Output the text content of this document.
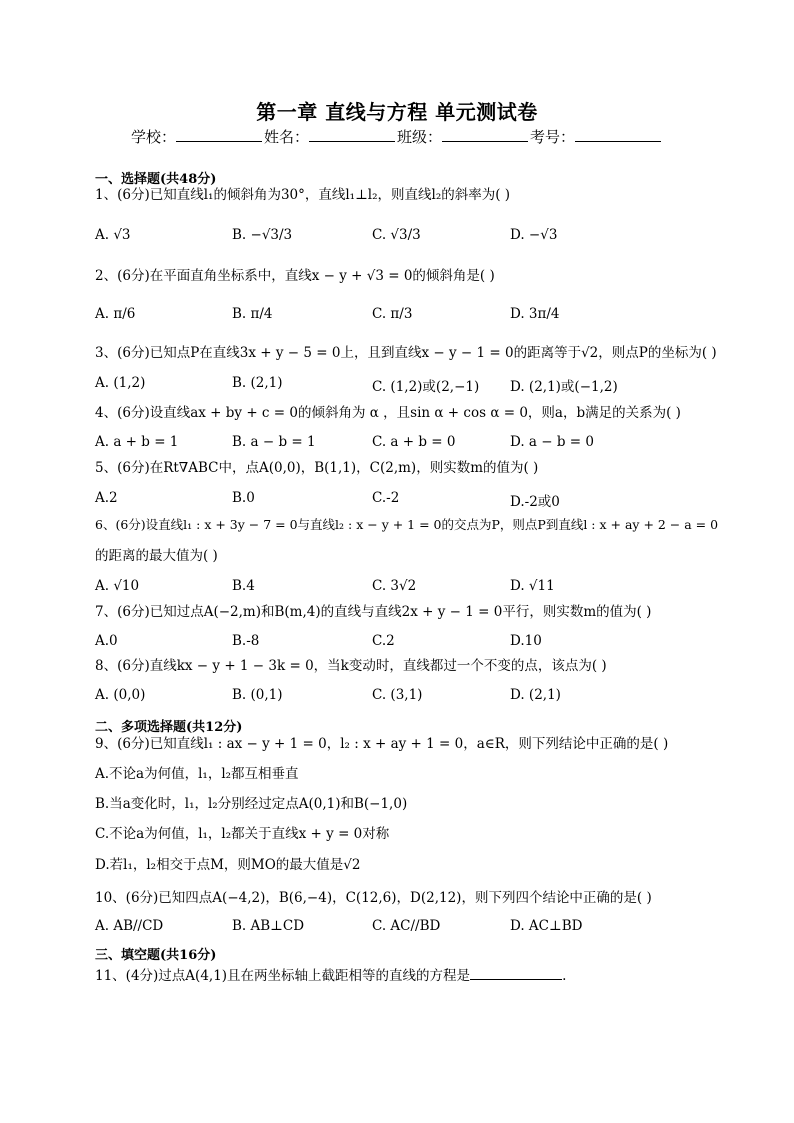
第一章 直线与方程 单元测试卷
学校：	姓名：	班级：	考号：
一、选择题(共48分)
1、(6分)已知直线l₁的倾斜角为30°，直线l₁⊥l₂，则直线l₂的斜率为( )
A. √3	B. −√3/3	C. √3/3	D. −√3
2、(6分)在平面直角坐标系中，直线x − y + √3 = 0的倾斜角是( )
A. π/6	B. π/4	C. π/3	D. 3π/4
3、(6分)已知点P在直线3x + y − 5 = 0上，且到直线x − y − 1 = 0的距离等于√2，则点P的坐标为( )
A. (1,2)	B. (2,1)	C. (1,2)或(2,−1) D. (2,1)或(−1,2)
4、(6分)设直线ax + by + c = 0的倾斜角为 α ，且sin α + cos α = 0，则a，b满足的关系为( )
A. a + b = 1	B. a − b = 1	C. a + b = 0	D. a − b = 0
5、(6分)在Rt∇ABC中，点A(0,0)，B(1,1)，C(2,m)，则实数m的值为( )
A.2	B.0	C.-2	D.-2或0
6、(6分)设直线l₁ : x + 3y − 7 = 0与直线l₂ : x − y + 1 = 0的交点为P，则点P到直线l : x + ay + 2 − a = 0
的距离的最大值为( )
A. √10	B.4	C. 3√2	D. √11
7、(6分)已知过点A(−2,m)和B(m,4)的直线与直线2x + y − 1 = 0平行，则实数m的值为( )
A.0	B.-8	C.2	D.10
8、(6分)直线kx − y + 1 − 3k = 0，当k变动时，直线都过一个不变的点，该点为( )
A. (0,0)	B. (0,1)	C. (3,1)	D. (2,1)
二、多项选择题(共12分)
9、(6分)已知直线l₁ : ax − y + 1 = 0，l₂ : x + ay + 1 = 0，a∈R，则下列结论中正确的是( )
A.不论a为何值，l₁，l₂都互相垂直
B.当a变化时，l₁，l₂分别经过定点A(0,1)和B(−1,0)
C.不论a为何值，l₁，l₂都关于直线x + y = 0对称
D.若l₁，l₂相交于点M，则MO的最大值是√2
10、(6分)已知四点A(−4,2)，B(6,−4)，C(12,6)，D(2,12)，则下列四个结论中正确的是( )
A. AB//CD	B. AB⊥CD	C. AC//BD	D. AC⊥BD
三、填空题(共16分)
11、(4分)过点A(4,1)且在两坐标轴上截距相等的直线的方程是	.
